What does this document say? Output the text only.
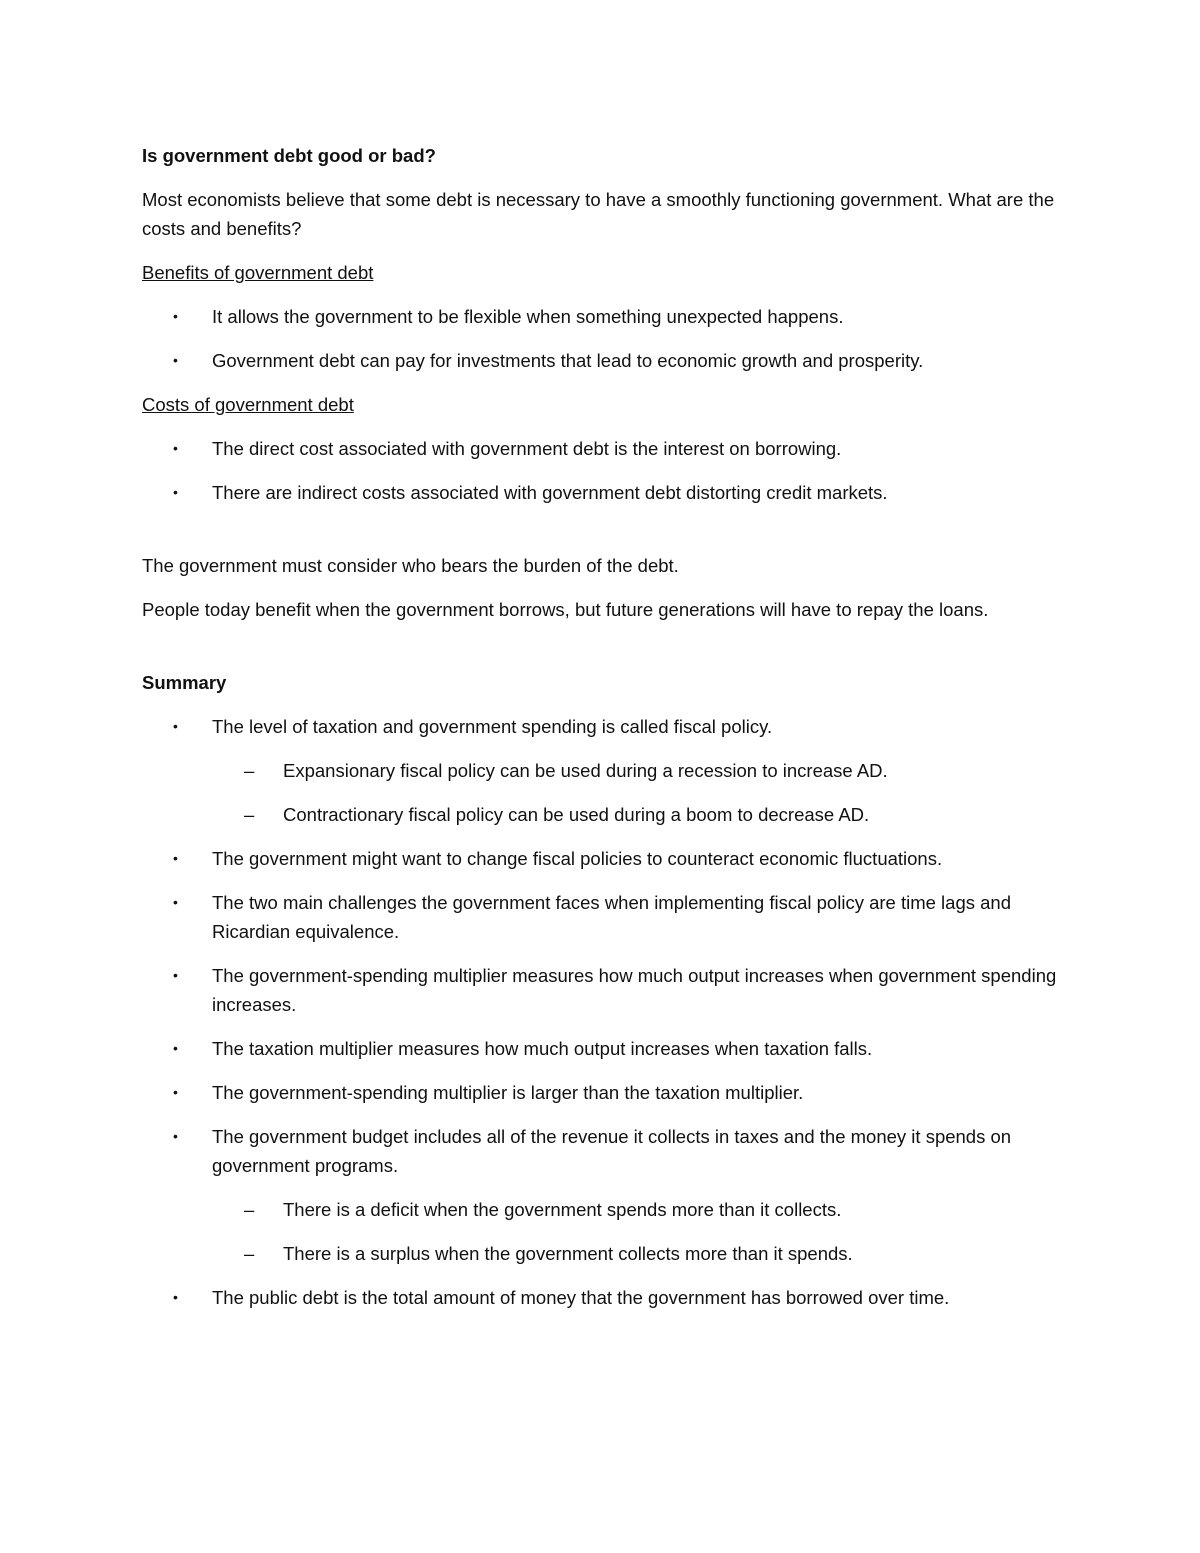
Is government debt good or bad?

Most economists believe that some debt is necessary to have a smoothly functioning government. What are the costs and benefits?

Benefits of government debt

• It allows the government to be flexible when something unexpected happens.
• Government debt can pay for investments that lead to economic growth and prosperity.

Costs of government debt

• The direct cost associated with government debt is the interest on borrowing.
• There are indirect costs associated with government debt distorting credit markets.

The government must consider who bears the burden of the debt.

People today benefit when the government borrows, but future generations will have to repay the loans.

Summary

• The level of taxation and government spending is called fiscal policy.
– Expansionary fiscal policy can be used during a recession to increase AD.
– Contractionary fiscal policy can be used during a boom to decrease AD.
• The government might want to change fiscal policies to counteract economic fluctuations.
• The two main challenges the government faces when implementing fiscal policy are time lags and Ricardian equivalence.
• The government-spending multiplier measures how much output increases when government spending increases.
• The taxation multiplier measures how much output increases when taxation falls.
• The government-spending multiplier is larger than the taxation multiplier.
• The government budget includes all of the revenue it collects in taxes and the money it spends on government programs.
– There is a deficit when the government spends more than it collects.
– There is a surplus when the government collects more than it spends.
• The public debt is the total amount of money that the government has borrowed over time.
